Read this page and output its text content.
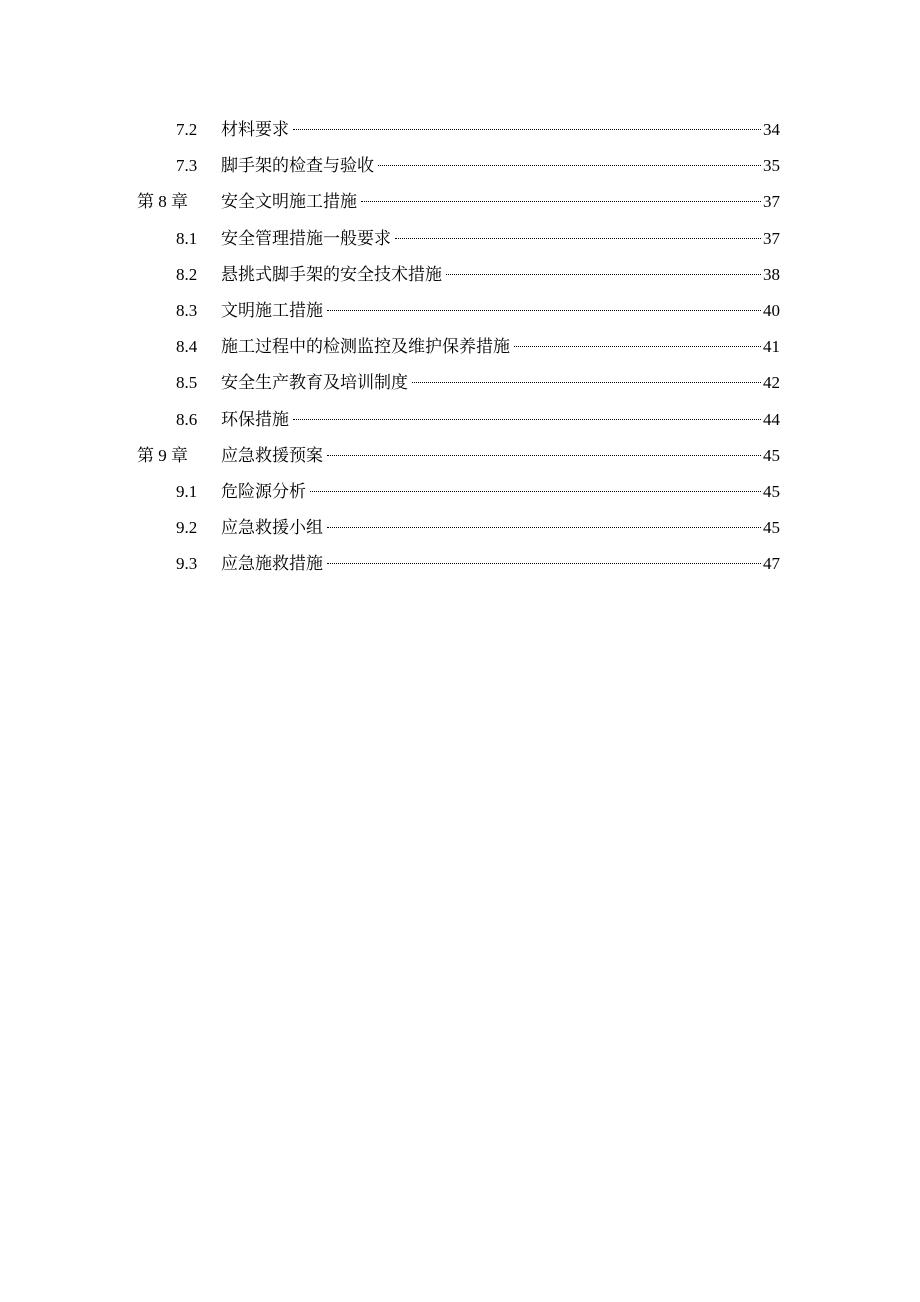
7.2 材料要求	34
7.3 脚手架的检查与验收	35
第 8 章 安全文明施工措施	37
8.1 安全管理措施一般要求	37
8.2 悬挑式脚手架的安全技术措施	38
8.3 文明施工措施	40
8.4 施工过程中的检测监控及维护保养措施	41
8.5 安全生产教育及培训制度	42
8.6 环保措施	44
第 9 章 应急救援预案	45
9.1 危险源分析	45
9.2 应急救援小组	45
9.3 应急施救措施	47
